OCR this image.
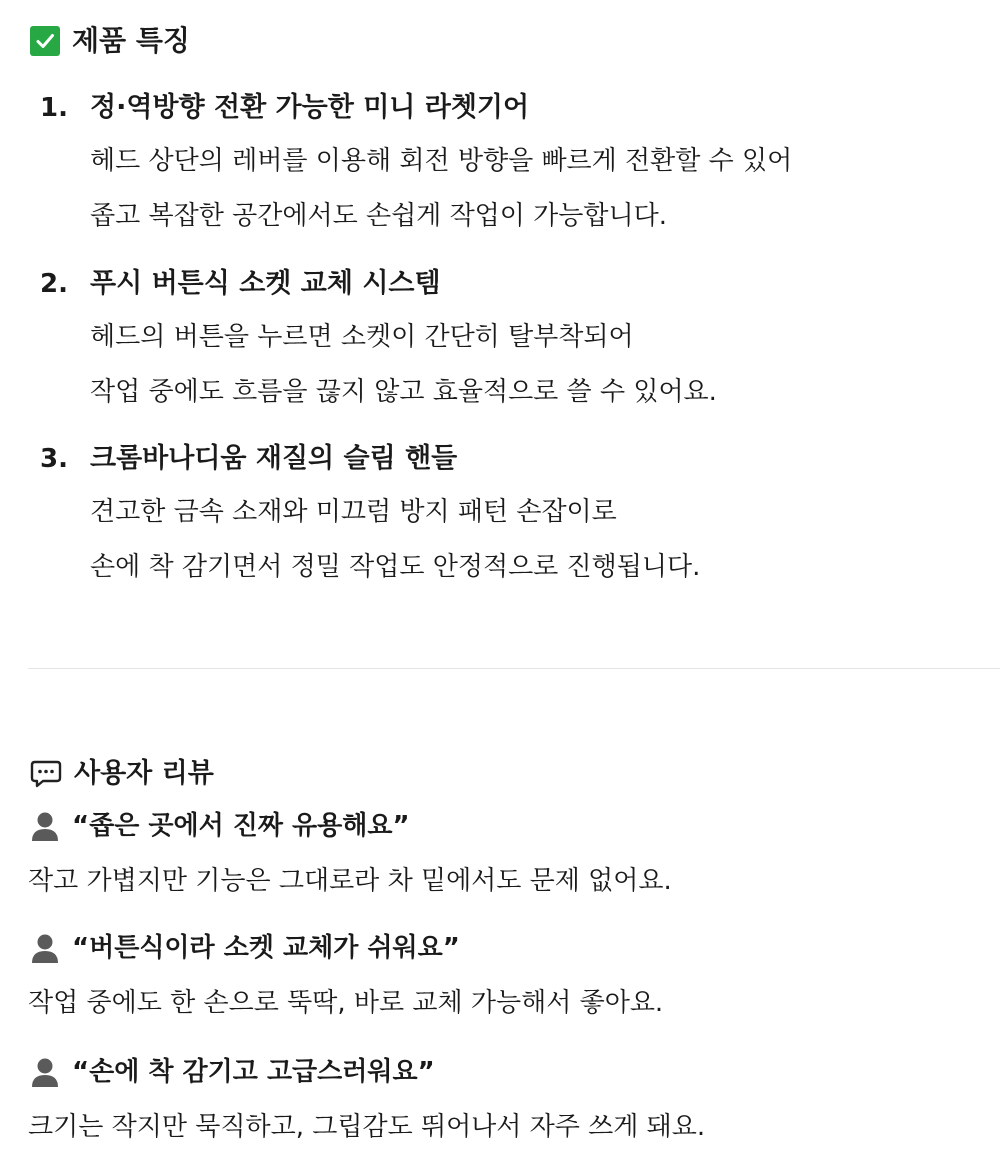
제품 특징
1. 정·역방향 전환 가능한 미니 라쳇기어
헤드 상단의 레버를 이용해 회전 방향을 빠르게 전환할 수 있어
좁고 복잡한 공간에서도 손쉽게 작업이 가능합니다.
2. 푸시 버튼식 소켓 교체 시스템
헤드의 버튼을 누르면 소켓이 간단히 탈부착되어
작업 중에도 흐름을 끊지 않고 효율적으로 쓸 수 있어요.
3. 크롬바나디움 재질의 슬림 핸들
견고한 금속 소재와 미끄럼 방지 패턴 손잡이로
손에 착 감기면서 정밀 작업도 안정적으로 진행됩니다.
사용자 리뷰
“좁은 곳에서 진짜 유용해요”
작고 가볍지만 기능은 그대로라 차 밑에서도 문제 없어요.
“버튼식이라 소켓 교체가 쉬워요”
작업 중에도 한 손으로 뚝딱, 바로 교체 가능해서 좋아요.
“손에 착 감기고 고급스러워요”
크기는 작지만 묵직하고, 그립감도 뛰어나서 자주 쓰게 돼요.
